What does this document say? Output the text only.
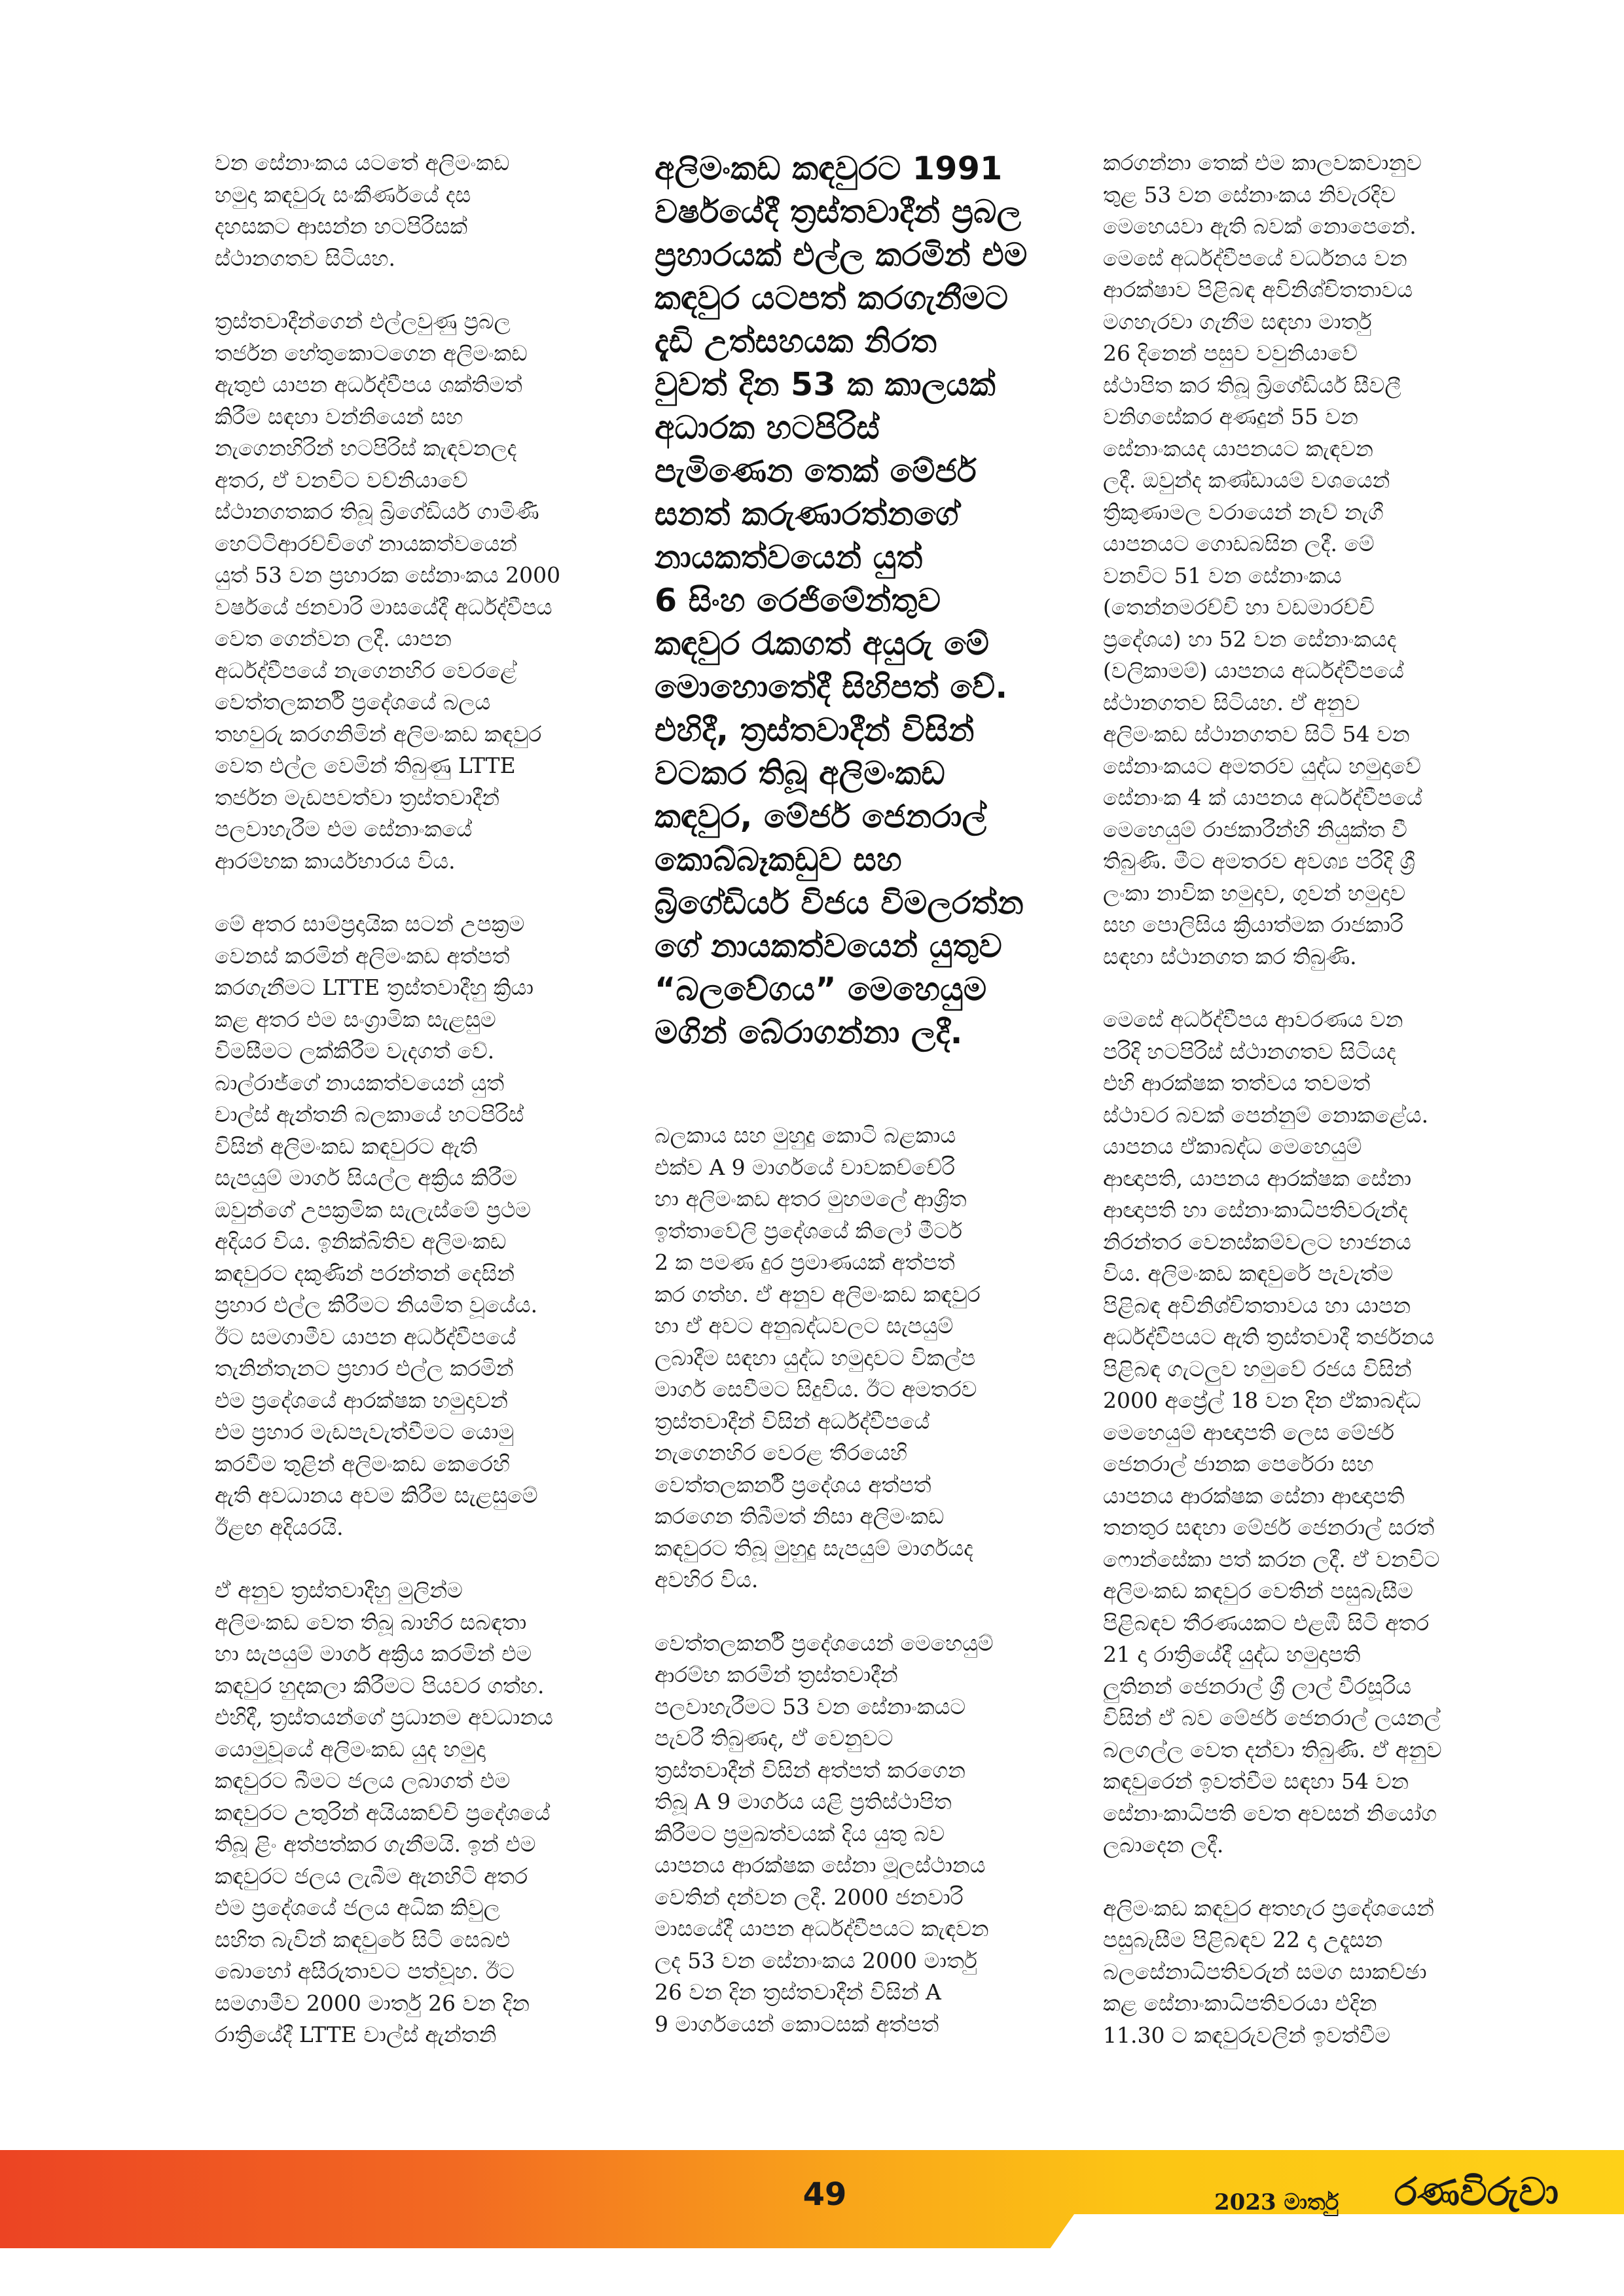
වන සේනාංකය යටතේ අලිමංකඩ
හමුදා කඳවුරු සංකීර්ණයේ දස
දහසකට ආසන්න හටපිරිසක්
ස්ථානගතව සිටියහ.

ත්‍රස්තවාදීන්ගෙන් එල්ලවුණු ප්‍රබල
තර්ජන හේතුකොටගෙන අලිමංකඩ
ඇතුළු යාපන අර්ධද්වීපය ශක්තිමත්
කිරීම සඳහා වන්නියෙන් සහ
නැගෙනහිරින් හටපිරිස් කැඳවනලද
අතර, ඒ වනවිට වව්නියාවේ
ස්ථානගතකර තිබූ බ්‍රිගේඩියර් ගාමිණී
හෙට්ටිආරච්චිගේ නායකත්වයෙන්
යුත් 53 වන ප්‍රහාරක සේනාංකය 2000
වර්ෂයේ ජනවාරි මාසයේදී අර්ධද්වීපය
වෙත ගෙන්වන ලදී. යාපන
අර්ධද්වීපයේ නැගෙනහිර වෙරළේ
වෙත්තලකර්නි ප්‍රදේශයේ බලය
තහවුරු කරගනිමින් අලිමංකඩ කඳවුර
වෙත එල්ල වෙමින් තිබුණු LTTE
තර්ජන මැඩපවත්වා ත්‍රස්තවාදීන්
පලවාහැරීම එම සේනාංකයේ
ආරම්භක කාර්යභාරය විය.

මේ අතර සාම්ප්‍රදායික සටන් උපක්‍රම
වෙනස් කරමින් අලිමංකඩ අත්පත්
කරගැනීමට LTTE ත්‍රස්තවාදීහු ක්‍රියා
කළ අතර එම සංග්‍රාමික සැළසුම
විමසීමට ලක්කිරීම වැදගත් වේ.
බාල්රාජ්ගේ නායකත්වයෙන් යුත්
චාල්ස් ඇන්තනි බලකායේ හටපිරිස්
විසින් අලිමංකඩ කඳවුරට ඇති
සැපයුම් මාර්ග සියල්ල අක්‍රිය කිරීම
ඔවුන්ගේ උපක්‍රමික සැලැස්මේ ප්‍රථම
අදියර විය. ඉනික්බිතිව අලිමංකඩ
කඳවුරට දකුණින් පරන්තන් දෙසින්
ප්‍රහාර එල්ල කිරීමට නියමිත වූයේය.
ඊට සමගාමීව යාපන අර්ධද්වීපයේ
තැනින්තැනට ප්‍රහාර එල්ල කරමින්
එම ප්‍රදේශයේ ආරක්ෂක හමුදාවන්
එම ප්‍රහාර මැඩපැවැත්වීමට යොමු
කරවීම තුළින් අලිමංකඩ කෙරෙහි
ඇති අවධානය අවම කිරීම සැළසුමේ
ඊළඟ අදියරයි.

ඒ අනුව ත්‍රස්තවාදීහු මුලින්ම
අලිමංකඩ වෙත තිබූ බාහිර සබඳතා
හා සැපයුම් මාර්ග අක්‍රිය කරමින් එම
කඳවුර හුදකලා කිරීමට පියවර ගත්හ.
එහිදී, ත්‍රස්තයන්ගේ ප්‍රධානම අවධානය
යොමුවූයේ අලිමංකඩ යුද හමුදා
කඳවුරට බීමට ජලය ලබාගත් එම
කඳවුරට උතුරින් අයියකච්චි ප්‍රදේශයේ
තිබූ ළිං අත්පත්කර ගැනීමයි. ඉන් එම
කඳවුරට ජලය ලැබීම ඇනහිටි අතර
එම ප්‍රදේශයේ ජලය අධික කිවුල
සහිත බැවින් කඳවුරේ සිටි සෙබළු
බොහෝ අසීරුතාවට පත්වූහ. ඊට
සමගාමීව 2000 මාර්තු 26 වන දින
රාත්‍රියේදී LTTE චාල්ස් ඇන්තනි

අලිමංකඩ කඳවුරට 1991
වර්ෂයේදී ත්‍රස්තවාදීන් ප්‍රබල
ප්‍රහාරයක් එල්ල කරමින් එම
කඳවුර යටපත් කරගැනීමට
දැඩි උත්සහයක නිරත
වුවත් දින 53 ක කාලයක්
අධාරක හටපිරිස්
පැමිණෙන තෙක් මේජර්
සනත් කරුණාරත්නගේ
නායකත්වයෙන් යුත්
6 සිංහ රෙජිමේන්තුව
කඳවුර රැකගත් අයුරු මේ
මොහොතේදී සිහිපත් වේ.
එහිදී, ත්‍රස්තවාදීන් විසින්
වටකර තිබූ අලිමංකඩ
කඳවුර, මේජර් ජෙනරාල්
කොබ්බෑකඩුව සහ
බ්‍රිගේඩියර් විජය විමලරත්න
ගේ නායකත්වයෙන් යුතුව
“බලවේගය” මෙහෙයුම
මගින් බේරාගන්නා ලදී.

බලකාය සහ මුහුදු කොටි බළකාය
එක්ව A 9 මාර්ගයේ චාවකච්චේරි
හා අලිමංකඩ අතර මුහමලේ ආශ්‍රිත
ඉත්තාවේලි ප්‍රදේශයේ කිලෝ මීටර්
2 ක පමණ දුර ප්‍රමාණයක් අත්පත්
කර ගත්හ. ඒ අනුව අලිමංකඩ කඳවුර
හා ඒ අවට අනුබද්ධවලට සැපයුම්
ලබාදීම සඳහා යුද්ධ හමුදාවට විකල්ප
මාර්ග සෙවීමට සිදුවිය. ඊට අමතරව
ත්‍රස්තවාදීන් විසින් අර්ධද්වීපයේ
නැගෙනහිර වෙරළ තීරයෙහි
වෙත්තලකර්නි ප්‍රදේශය අත්පත්
කරගෙන තිබීමත් නිසා අලිමංකඩ
කඳවුරට තිබූ මුහුදු සැපයුම් මාර්ගයද
අවහිර විය.

වෙත්තලකර්නි ප්‍රදේශයෙන් මෙහෙයුම්
ආරම්භ කරමින් ත්‍රස්තවාදීන්
පලවාහැරීමට 53 වන සේනාංකයට
පැවරී තිබුණද, ඒ වෙනුවට
ත්‍රස්තවාදීන් විසින් අත්පත් කරගෙන
තිබූ A 9 මාර්ගය යළි ප්‍රතිස්ථාපිත
කිරීමට ප්‍රමුඛත්වයක් දිය යුතු බව
යාපනය ආරක්ෂක සේනා මූලස්ථානය
වෙතින් දන්වන ලදී. 2000 ජනවාරි
මාසයේදී යාපන අර්ධද්වීපයට කැඳවන
ලද 53 වන සේනාංකය 2000 මාර්තු
26 වන දින ත්‍රස්තවාදීන් විසින් A
9 මාර්ගයෙන් කොටසක් අත්පත්

කරගන්නා තෙක් එම කාලවකවානුව
තුළ 53 වන සේනාංකය නිවැරදිව
මෙහෙයවා ඇති බවක් නොපෙනේ.
මෙසේ අර්ධද්වීපයේ වර්ධනය වන
ආරක්ෂාව පිළිබඳ අවිනිශ්චිතතාවය
මගහැරවා ගැනීම සඳහා මාර්තු
26 දිනෙන් පසුව වවුනියාවේ
ස්ථාපිත කර තිබූ බ්‍රිගේඩියර් සීවලී
වනිගසේකර අණදුන් 55 වන
සේනාංකයද යාපනයට කැඳවන
ලදී. ඔවුන්ද කණ්ඩායම් වශයෙන්
ත්‍රිකුණාමල වරායෙන් නැව් නැගී
යාපනයට ගොඩබසින ලදී. මේ
වනවිට 51 වන සේනාංකය
(තෙන්නමරච්චි හා වඩමාරච්චි
ප්‍රදේශය) හා 52 වන සේනාංකයද
(වලිකාමම්) යාපනය අර්ධද්වීපයේ
ස්ථානගතව සිටියහ. ඒ අනුව
අලිමංකඩ ස්ථානගතව සිටි 54 වන
සේනාංකයට අමතරව යුද්ධ හමුදාවේ
සේනාංක 4 ක් යාපනය අර්ධද්වීපයේ
මෙහෙයුම් රාජකාරීන්හි නියුක්ත වී
තිබුණි. මීට අමතරව අවශ්‍ය පරිදි ශ්‍රී
ලංකා නාවික හමුදාව, ගුවන් හමුදාව
සහ පොලිසිය ක්‍රියාත්මක රාජකාරි
සඳහා ස්ථානගත කර තිබුණි.

මෙසේ අර්ධද්වීපය ආවරණය වන
පරිදි හටපිරිස් ස්ථානගතව සිටියද
එහි ආරක්ෂක තත්වය තවමත්
ස්ථාවර බවක් පෙන්නුම් නොකළේය.
යාපනය ඒකාබද්ධ මෙහෙයුම්
ආඥාපති, යාපනය ආරක්ෂක සේනා
ආඥාපති හා සේනාංකාධිපතිවරුන්ද
නිරන්තර වෙනස්කම්වලට භාජනය
විය. අලිමංකඩ කඳවුරේ පැවැත්ම
පිළිබඳ අවිනිශ්චිතතාවය හා යාපන
අර්ධද්වීපයට ඇති ත්‍රස්තවාදී තර්ජනය
පිළිබඳ ගැටලුව හමුවේ රජය විසින්
2000 අප්‍රේල් 18 වන දින ඒකාබද්ධ
මෙහෙයුම් ආඥාපති ලෙස මේජර්
ජෙනරාල් ජානක පෙරේරා සහ
යාපනය ආරක්ෂක සේනා ආඥාපති
තනතුර සඳහා මේජර් ජෙනරාල් සරත්
ෆොන්සේකා පත් කරන ලදී. ඒ වනවිට
අලිමංකඩ කඳවුර වෙතින් පසුබැසීම
පිළිබඳව තීරණයකට එළඹී සිටි අතර
21 දා රාත්‍රියේදී යුද්ධ හමුදාපති
ලුතිනන් ජෙනරාල් ශ්‍රී ලාල් වීරසූරිය
විසින් ඒ බව මේජර් ජෙනරාල් ලයනල්
බලගල්ල වෙත දන්වා තිබුණි. ඒ අනුව
කඳවුරෙන් ඉවත්වීම සඳහා 54 වන
සේනාංකාධිපති වෙත අවසන් නියෝග
ලබාදෙන ලදී.

අලිමංකඩ කඳවුර අතහැර ප්‍රදේශයෙන්
පසුබැසීම පිළිබඳව 22 දා උදෑසන
බලසේනාධිපතිවරුන් සමග සාකච්ඡා
කළ සේනාංකාධිපතිවරයා එදින
11.30 ට කඳවුරුවලින් ඉවත්වීම

49	2023 මාර්තු රණවිරුවා
